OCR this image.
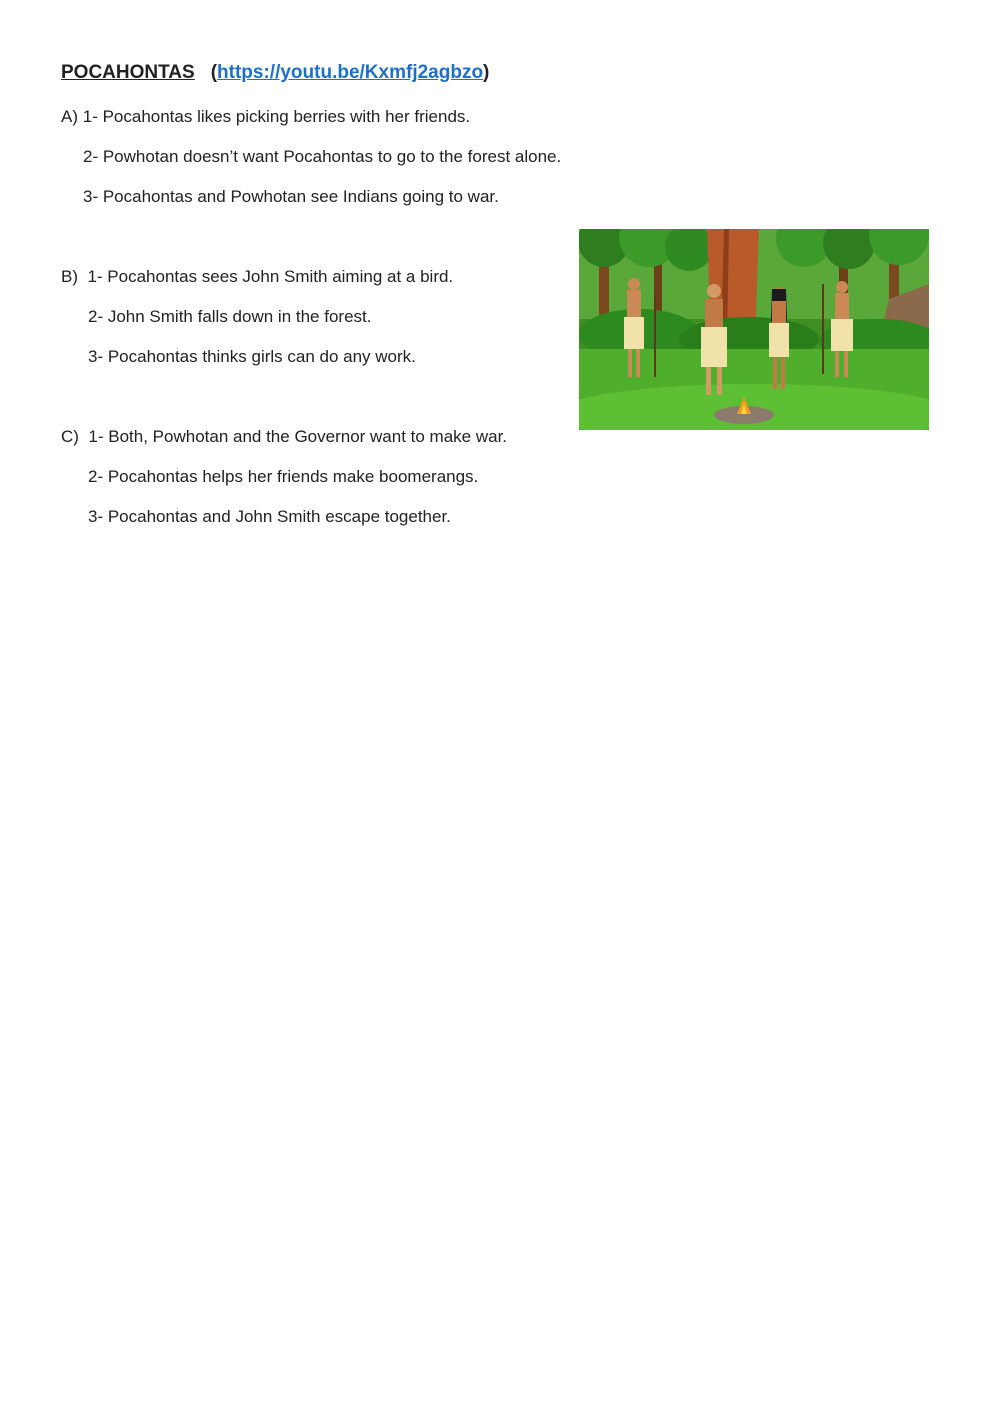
POCAHONTAS (https://youtu.be/Kxmfj2agbzo)
A) 1- Pocahontas likes picking berries with her friends.
2- Powhotan doesn’t want Pocahontas to go to the forest alone.
3- Pocahontas and Powhotan see Indians going to war.
B) 1- Pocahontas sees John Smith aiming at a bird.
2- John Smith falls down in the forest.
3- Pocahontas thinks girls can do any work.
C) 1- Both, Powhotan and the Governor want to make war.
2- Pocahontas helps her friends make boomerangs.
3- Pocahontas and John Smith escape together.
